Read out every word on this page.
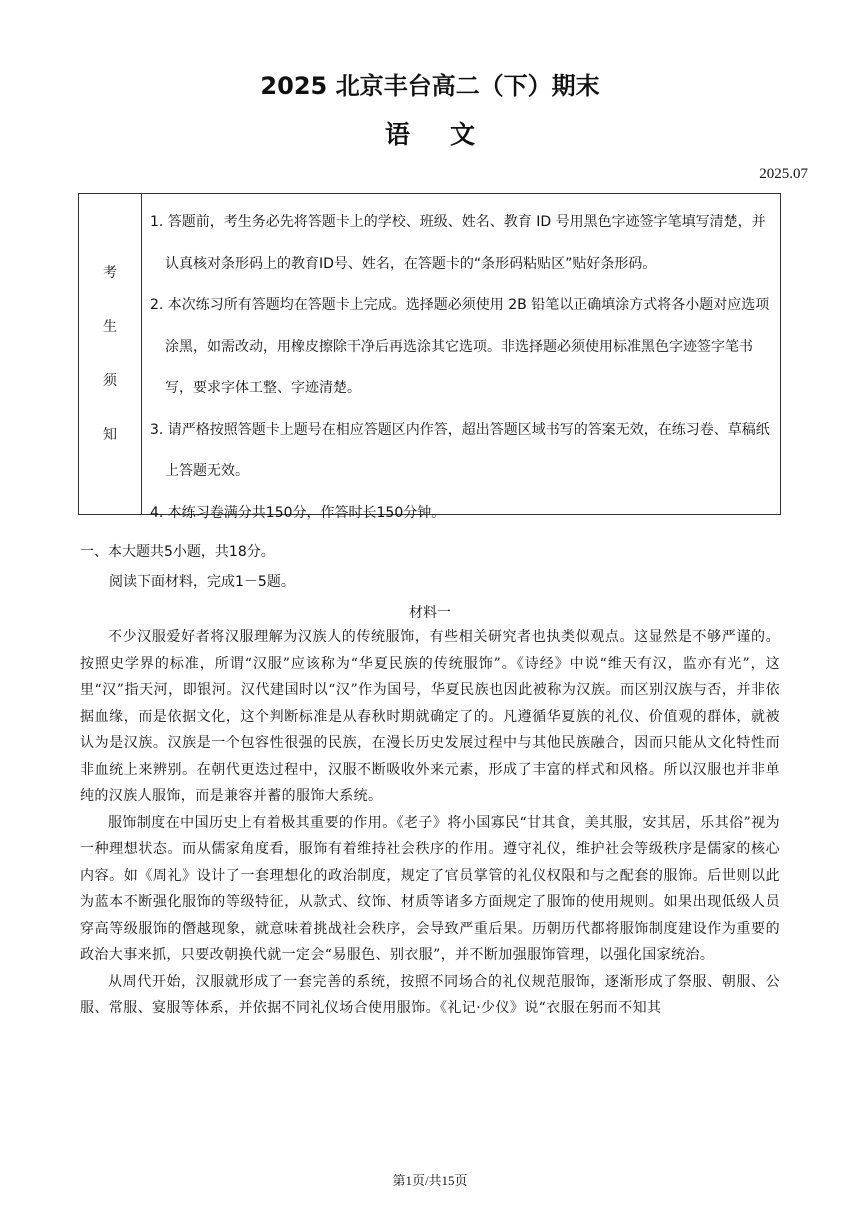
2025 北京丰台高二（下）期末
语文
2025.07
考
生
须
知
1. 答题前，考生务必先将答题卡上的学校、班级、姓名、教育 ID 号用黑色字迹签字笔填写清楚，并认真核对条形码上的教育ID号、姓名，在答题卡的“条形码粘贴区”贴好条形码。
2. 本次练习所有答题均在答题卡上完成。选择题必须使用 2B 铅笔以正确填涂方式将各小题对应选项涂黑，如需改动，用橡皮擦除干净后再选涂其它选项。非选择题必须使用标准黑色字迹签字笔书写，要求字体工整、字迹清楚。
3. 请严格按照答题卡上题号在相应答题区内作答，超出答题区域书写的答案无效，在练习卷、草稿纸上答题无效。
4. 本练习卷满分共150分，作答时长150分钟。
一、本大题共5小题，共18分。
阅读下面材料，完成1－5题。
材料一

不少汉服爱好者将汉服理解为汉族人的传统服饰，有些相关研究者也执类似观点。这显然是不够严谨的。按照史学界的标准，所谓“汉服”应该称为“华夏民族的传统服饰”。《诗经》中说“维天有汉，监亦有光”，这里“汉”指天河，即银河。汉代建国时以“汉”作为国号，华夏民族也因此被称为汉族。而区别汉族与否，并非依据血缘，而是依据文化，这个判断标准是从春秋时期就确定了的。凡遵循华夏族的礼仪、价值观的群体，就被认为是汉族。汉族是一个包容性很强的民族，在漫长历史发展过程中与其他民族融合，因而只能从文化特性而非血统上来辨别。在朝代更迭过程中，汉服不断吸收外来元素，形成了丰富的样式和风格。所以汉服也并非单纯的汉族人服饰，而是兼容并蓄的服饰大系统。

服饰制度在中国历史上有着极其重要的作用。《老子》将小国寡民“甘其食，美其服，安其居，乐其俗”视为一种理想状态。而从儒家角度看，服饰有着维持社会秩序的作用。遵守礼仪，维护社会等级秩序是儒家的核心内容。如《周礼》设计了一套理想化的政治制度，规定了官员掌管的礼仪权限和与之配套的服饰。后世则以此为蓝本不断强化服饰的等级特征，从款式、纹饰、材质等诸多方面规定了服饰的使用规则。如果出现低级人员穿高等级服饰的僭越现象，就意味着挑战社会秩序，会导致严重后果。历朝历代都将服饰制度建设作为重要的政治大事来抓，只要改朝换代就一定会“易服色、别衣服”，并不断加强服饰管理，以强化国家统治。

从周代开始，汉服就形成了一套完善的系统，按照不同场合的礼仪规范服饰，逐渐形成了祭服、朝服、公服、常服、宴服等体系，并依据不同礼仪场合使用服饰。《礼记·少仪》说“衣服在躬而不知其

第1页/共15页
